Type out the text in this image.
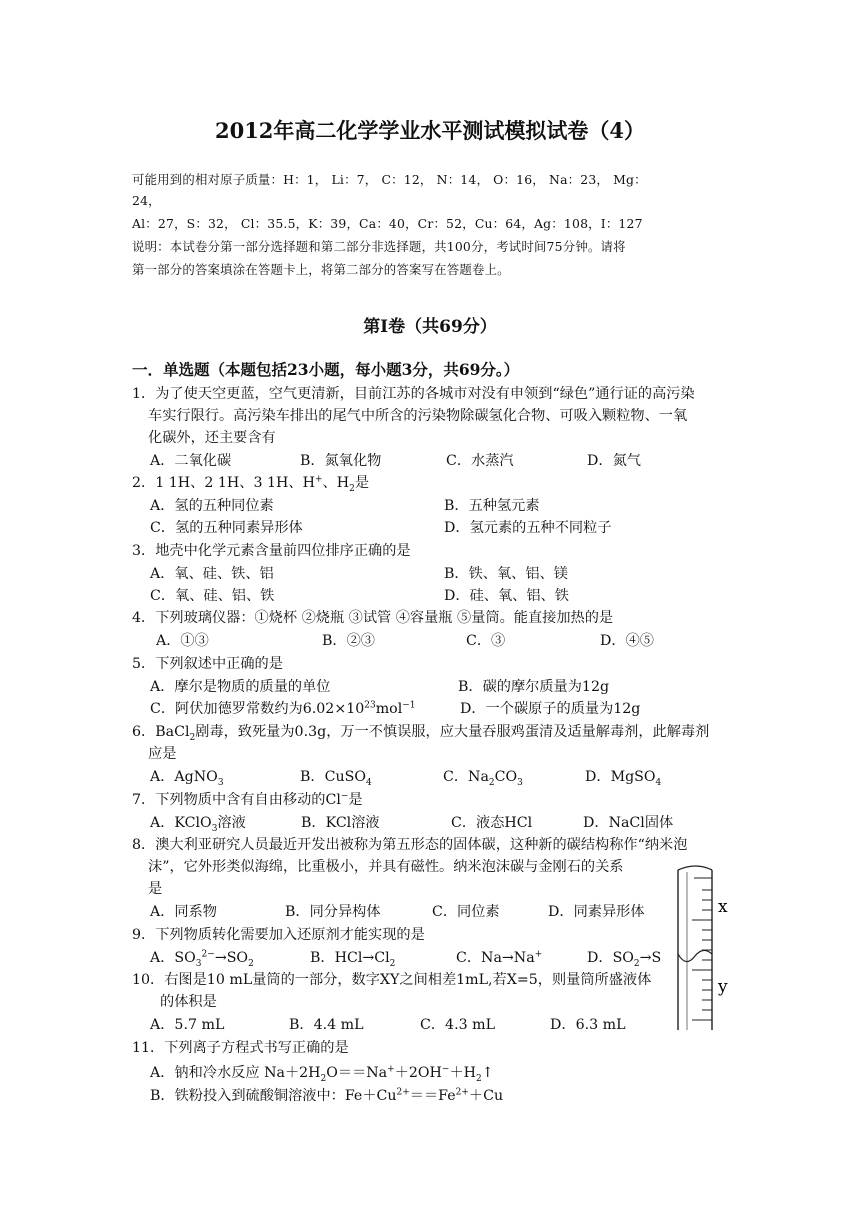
2012年高二化学学业水平测试模拟试卷（4）
可能用到的相对原子质量：H：1， Li：7， C：12， N：14， O：16， Na：23， Mg：
24，
Al：27，S：32， Cl：35.5，K：39，Ca：40，Cr：52，Cu：64，Ag：108，I：127
说明：本试卷分第一部分选择题和第二部分非选择题，共100分，考试时间75分钟。请将
第一部分的答案填涂在答题卡上，将第二部分的答案写在答题卷上。
第Ⅰ卷（共69分）
一．单选题（本题包括23小题，每小题3分，共69分。）
1．为了使天空更蓝，空气更清新，目前江苏的各城市对没有申领到“绿色”通行证的高污染
车实行限行。高污染车排出的尾气中所含的污染物除碳氢化合物、可吸入颗粒物、一氧
化碳外，还主要含有
A．二氧化碳	B．氮氧化物	C．水蒸汽	D．氮气
2．1 1H、2 1H、3 1H、H+、$H_2$是
A．氢的五种同位素	B．五种氢元素
C．氢的五种同素异形体	D．氢元素的五种不同粒子
3．地壳中化学元素含量前四位排序正确的是
A．氧、硅、铁、铝	B．铁、氧、铝、镁
C．氧、硅、铝、铁	D．硅、氧、铝、铁
4．下列玻璃仪器：①烧杯 ②烧瓶 ③试管 ④容量瓶 ⑤量筒。能直接加热的是
A．①③	B．②③	C．③	D．④⑤
5．下列叙述中正确的是
A．摩尔是物质的质量的单位	B．碳的摩尔质量为12g
C．阿伏加德罗常数约为$6.02\times 10^{23}mol^{-1}$	D．一个碳原子的质量为12g
6．BaCl$_2$剧毒，致死量为0.3g，万一不慎误服，应大量吞服鸡蛋清及适量解毒剂，此解毒剂
应是
A．AgNO$_3$	B．CuSO$_4$	C．$Na_2CO_3$	D．MgSO$_4$
7．下列物质中含有自由移动的Cl−是
A．KClO$_3$溶液	B．KCl溶液	C．液态HCl	D．NaCl固体
8．澳大利亚研究人员最近开发出被称为第五形态的固体碳，这种新的碳结构称作“纳米泡
沫”，它外形类似海绵，比重极小，并具有磁性。纳米泡沫碳与金刚石的关系
是
A．同系物	B．同分异构体	C．同位素	D．同素异形体
9．下列物质转化需要加入还原剂才能实现的是
A．$SO_3^{2-}\to SO_2$	B．$HCl\to Cl_2$	C．Na→Na+	D．$SO_2\to S$
10．右图是10 mL量筒的一部分，数字XY之间相差1mL,若X=5，则量筒所盛液体
的体积是
A．5.7 mL	B．4.4 mL	C．4.3 mL	D．6.3 mL
11．下列离子方程式书写正确的是
A．钠和冷水反应 $Na+2H_2O==Na^++2OH^-+H_2↑$
B．铁粉投入到硫酸铜溶液中：$Fe+Cu^{2+}==Fe^{2+}+Cu$
x
y
